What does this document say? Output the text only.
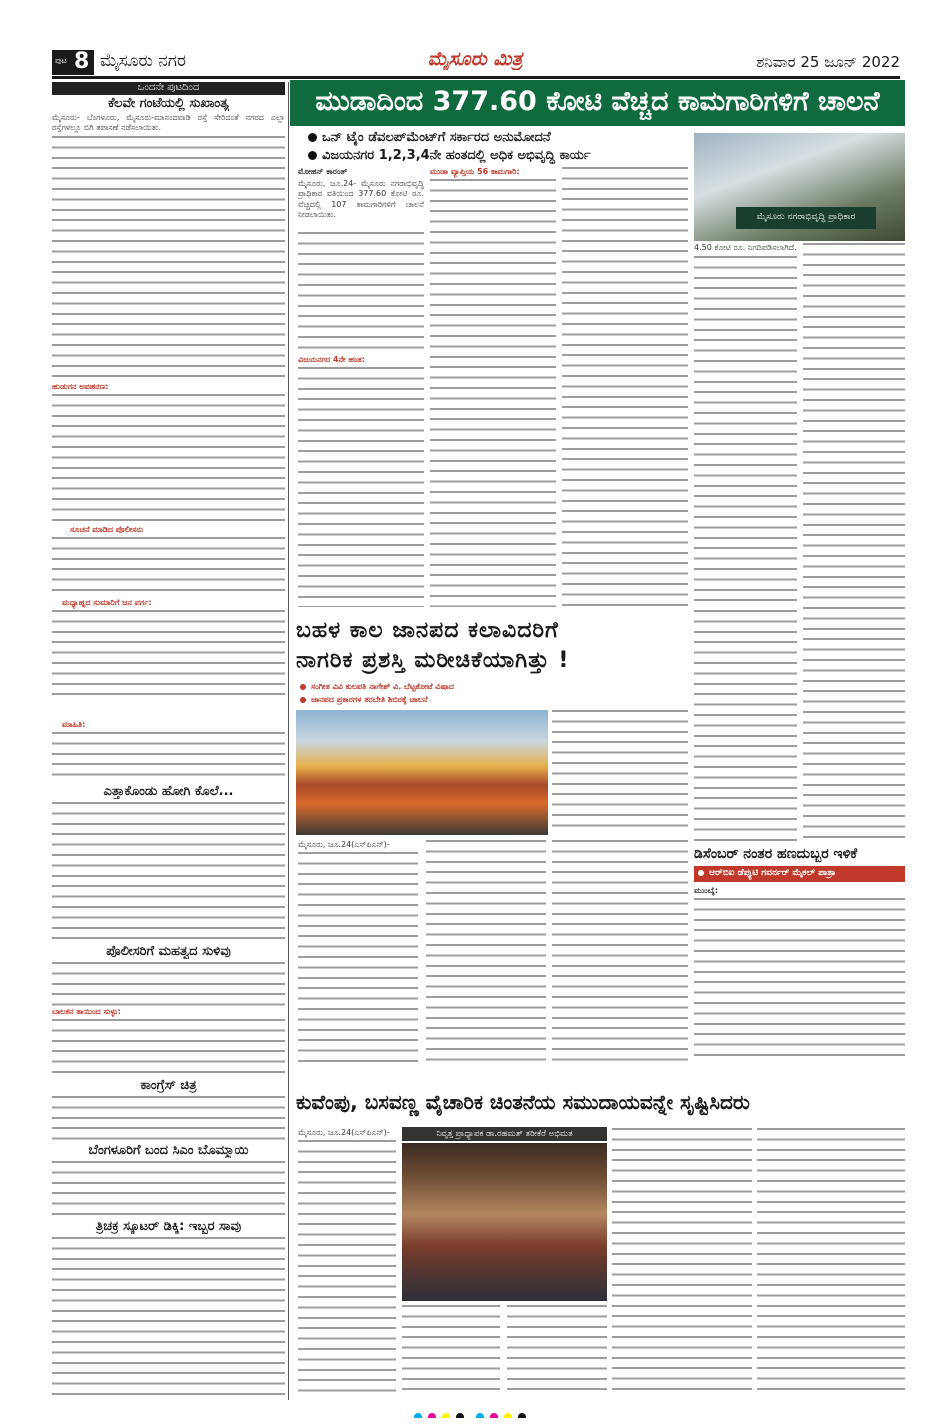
ಪುಟ 8 ಮೈಸೂರು ನಗರ	ಮೈಸೂರು ಮಿತ್ರ	ಶನಿವಾರ 25 ಜೂನ್ 2022
ಒಂದನೇ ಪುಟದಿಂದ
ಕೆಲವೇ ಗಂಟೆಯಲ್ಲಿ ಸುಖಾಂತ್ಯ
ಮೈಸೂರು- ಬೆಂಗಳೂರು, ಮೈಸೂರು-ಮಾನಂದವಾಡಿ ರಸ್ತೆ ಸೇರಿದಂತೆ ನಗರದ ಎಲ್ಲಾ ರಸ್ತೆಗಳಲ್ಲೂ ಬಿಗಿ ತಪಾಸಣೆ ನಡೆಸಲಾಯಿತು.
ಹುಡುಗನ ಅಪಹರಣ:
ಸೂಚನೆ ಮಾಡಿದ ಪೊಲೀಸರು
ಮಧ್ಯಾಹ್ನದ ಸುಮಾರಿಗೆ ಜನ ವರ್ಗ:
ಮಾಹಿತಿ:
ಎತ್ತಾಕೊಂಡು ಹೋಗಿ ಕೊಲೆ...
ಪೊಲೀಸರಿಗೆ ಮಹತ್ವದ ಸುಳಿವು
ಬಾಲಕನ ತಾಯಿಂದ ಸುಳ್ಳು:
ಕಾಂಗ್ರೆಸ್ ಚಿತ್ರ
ಬೆಂಗಳೂರಿಗೆ ಬಂದ ಸಿಎಂ ಬೊಮ್ಮಾಯಿ
ತ್ರಿಚಕ್ರ ಸ್ಕೂಟರ್ ಡಿಕ್ಕಿ: ಇಬ್ಬರ ಸಾವು
ಮುಡಾದಿಂದ 377.60 ಕೋಟಿ ವೆಚ್ಚದ ಕಾಮಗಾರಿಗಳಿಗೆ ಚಾಲನೆ
ಒನ್ ಟೈಂ ಡೆವಲಪ್‌ಮೆಂಟ್‌ಗೆ ಸರ್ಕಾರದ ಅನುಮೋದನೆ
ವಿಜಯನಗರ 1,2,3,4ನೇ ಹಂತದಲ್ಲಿ ಅಧಿಕ ಅಭಿವೃದ್ಧಿ ಕಾರ್ಯ
ಮೋಹನ್ ಕಾರಂತ್
ಮೈಸೂರು, ಜೂ.24- ಮೈಸೂರು ನಗರಾಭಿವೃದ್ಧಿ ಪ್ರಾಧಿಕಾರ ವತಿಯಿಂದ 377.60 ಕೋಟಿ ರೂ. ವೆಚ್ಚದಲ್ಲಿ 107 ಕಾಮಗಾರಿಗಳಿಗೆ ಚಾಲನೆ ನೀಡಲಾಯಿತು.
ವಿಜಯನಗರ 4ನೇ ಹಂತ:
ಮುಡಾ ವ್ಯಾಪ್ತಿಯ 56 ಕಾಮಗಾರಿ:
ಮೈಸೂರು ನಗರಾಭಿವೃದ್ಧಿ ಪ್ರಾಧಿಕಾರ
4.50 ಕೋಟಿ ರೂ. ನಿಗದಿಪಡಿಸಲಾಗಿದೆ.
ಬಹಳ ಕಾಲ ಜಾನಪದ ಕಲಾವಿದರಿಗೆ
ನಾಗರಿಕ ಪ್ರಶಸ್ತಿ ಮರೀಚಿಕೆಯಾಗಿತ್ತು !
ಸಂಗೀತ ವಿವಿ ಕುಲಪತಿ ನಾಗೇಶ್ ವಿ. ಬೆಟ್ಟಕೋಟೆ ವಿಷಾದ
ಜಾನಪದ ಪ್ರಕಾರಗಳ ತರಬೇತಿ ಶಿಬಿರಕ್ಕೆ ಚಾಲನೆ
ಮೈಸೂರು, ಜೂ.24(ಎಸ್‌ಪಿಎನ್)-
ಡಿಸೆಂಬರ್ ನಂತರ ಹಣದುಬ್ಬರ ಇಳಿಕೆ
ಆರ್‌ಬಿಐ ಡೆಪ್ಯುಟಿ ಗವರ್ನರ್ ಮೈಕಲ್ ಪಾತ್ರಾ
ಮುಂಬೈ:
ಕುವೆಂಪು, ಬಸವಣ್ಣ ವೈಚಾರಿಕ ಚಿಂತನೆಯ ಸಮುದಾಯವನ್ನೇ ಸೃಷ್ಟಿಸಿದರು
ಮೈಸೂರು, ಜೂ.24(ಎಸ್‌ಪಿಎನ್)-	ನಿವೃತ್ತ ಪ್ರಾಧ್ಯಾಪಕ ಡಾ.ರಹಮತ್ ತರೀಕೆರೆ ಅಭಿಮತ
